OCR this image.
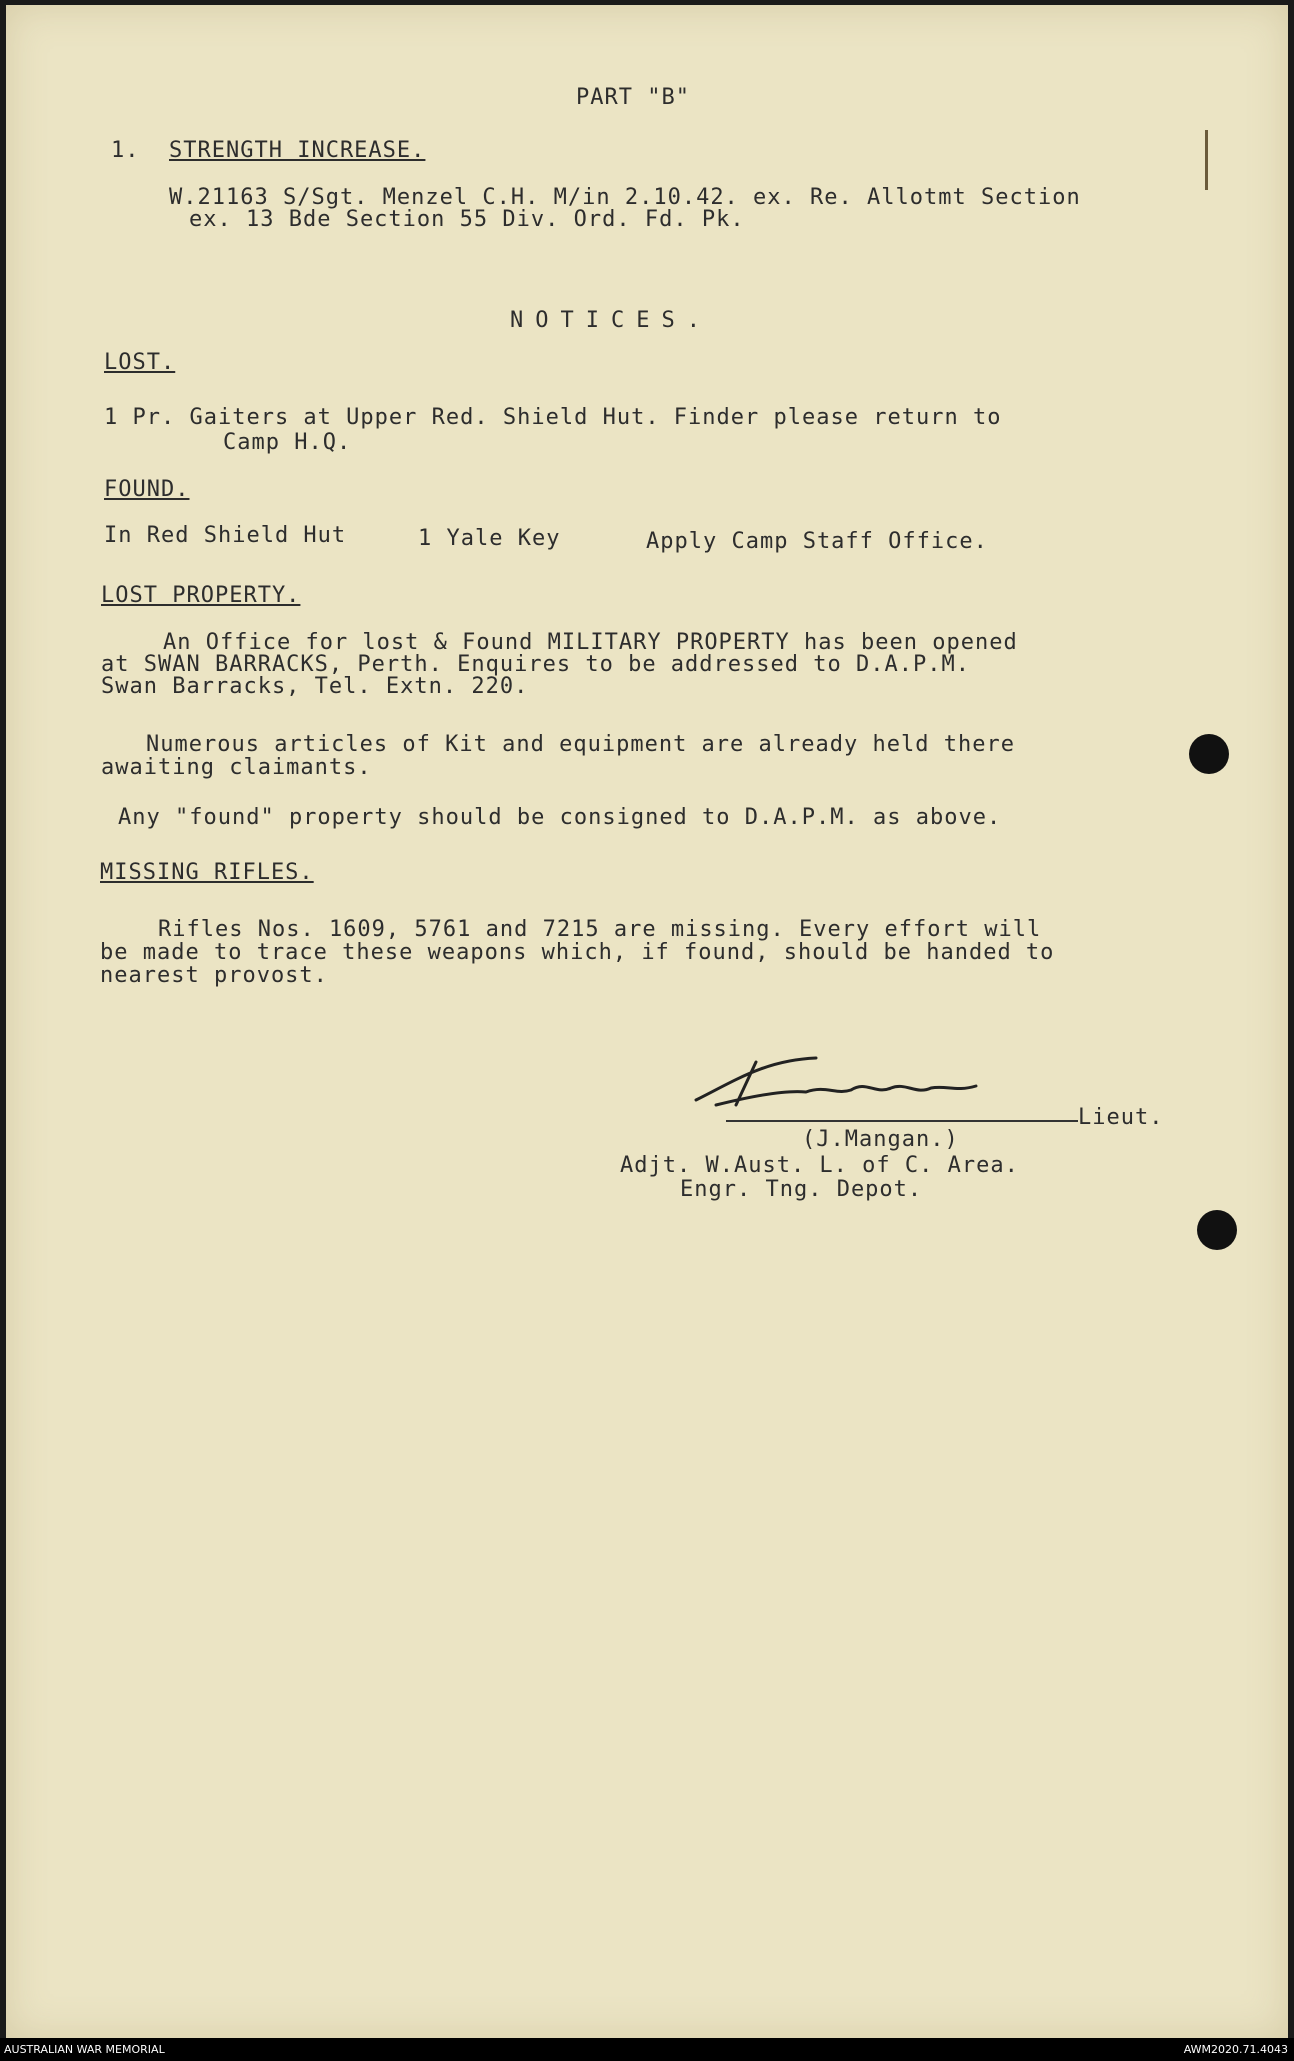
PART "B"
1. STRENGTH INCREASE.
W.21163 S/Sgt. Menzel C.H. M/in 2.10.42. ex. Re. Allotmt Section
ex. 13 Bde Section 55 Div. Ord. Fd. Pk.
NOTICES.
LOST.
1 Pr. Gaiters at Upper Red. Shield Hut. Finder please return to
Camp H.Q.
FOUND.
In Red Shield Hut	1 Yale Key	Apply Camp Staff Office.
LOST PROPERTY.
An Office for lost & Found MILITARY PROPERTY has been opened
at SWAN BARRACKS, Perth. Enquires to be addressed to D.A.P.M.
Swan Barracks, Tel. Extn. 220.
Numerous articles of Kit and equipment are already held there
awaiting claimants.
Any "found" property should be consigned to D.A.P.M. as above.
MISSING RIFLES.
Rifles Nos. 1609, 5761 and 7215 are missing. Every effort will
be made to trace these weapons which, if found, should be handed to
nearest provost.
Lieut.
(J.Mangan.)
Adjt. W.Aust. L. of C. Area.
Engr. Tng. Depot.
AUSTRALIAN WAR MEMORIAL	AWM2020.71.4043
